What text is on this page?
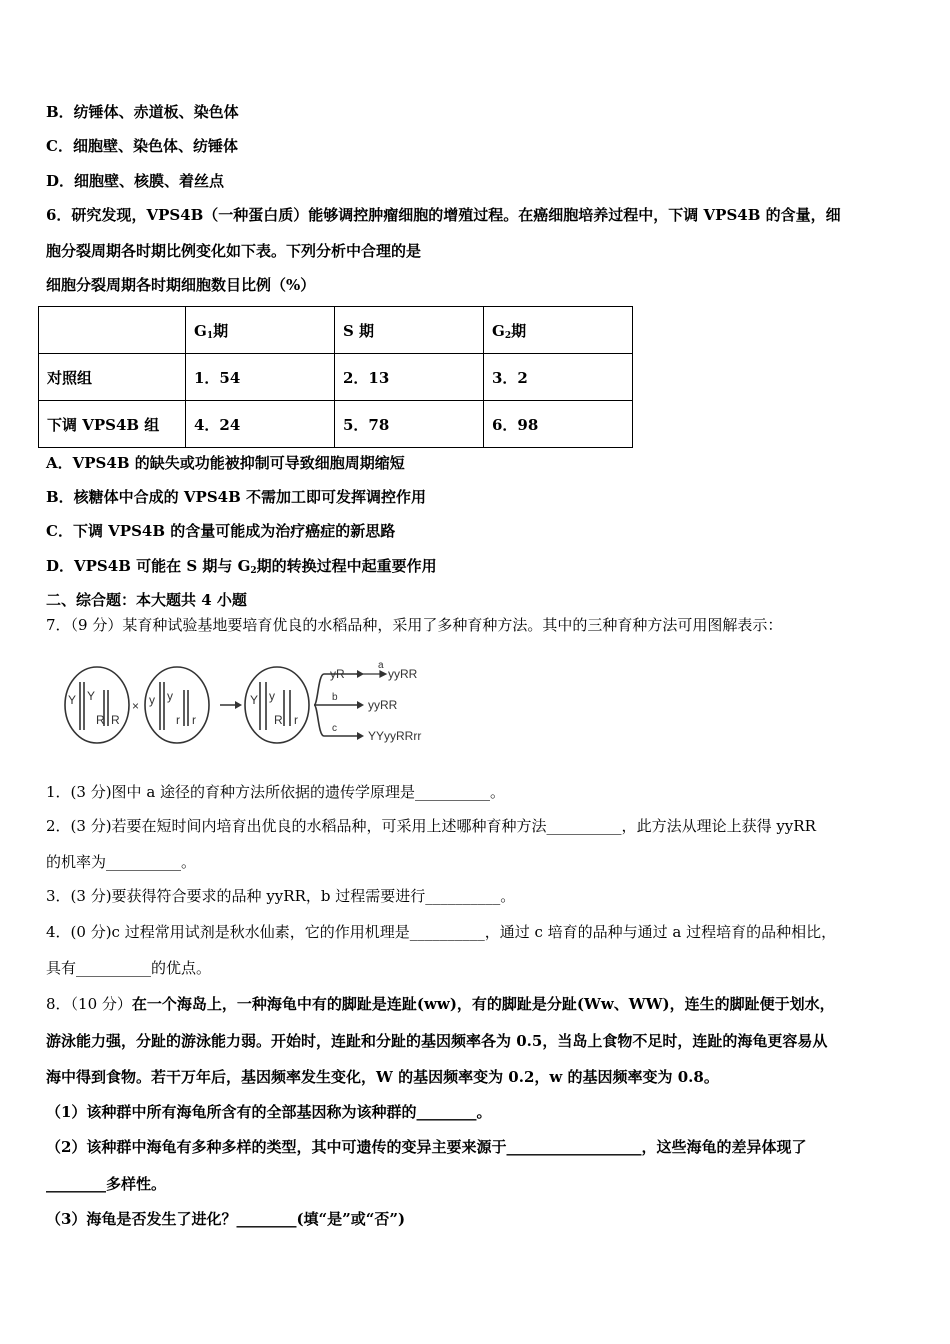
B．纺锤体、赤道板、染色体
C．细胞壁、染色体、纺锤体
D．细胞壁、核膜、着丝点
6．研究发现，VPS4B（一种蛋白质）能够调控肿瘤细胞的增殖过程。在癌细胞培养过程中，下调 VPS4B 的含量，细
胞分裂周期各时期比例变化如下表。下列分析中合理的是
细胞分裂周期各时期细胞数目比例（%）
	$G_1$期	S 期	$G_2$期
对照组	1．54	2．13	3．2
下调 VPS4B 组	4．24	5．78	6．98
A．VPS4B 的缺失或功能被抑制可导致细胞周期缩短
B．核糖体中合成的 VPS4B 不需加工即可发挥调控作用
C．下调 VPS4B 的含量可能成为治疗癌症的新思路
D．VPS4B 可能在 S 期与 $G_2$期的转换过程中起重要作用
二、综合题：本大题共 4 小题
7．（9 分）某育种试验基地要培育优良的水稻品种，采用了多种育种方法。其中的三种育种方法可用图解表示：
Y Y
R R
× y y
r r
Y y
R r
yR
a
yyRR
b
yyRR
c
YYyyRRrr
1．(3 分)图中 a 途径的育种方法所依据的遗传学原理是__________。
2．(3 分)若要在短时间内培育出优良的水稻品种，可采用上述哪种育种方法__________，此方法从理论上获得 yyRR
的机率为__________。
3．(3 分)要获得符合要求的品种 yyRR，b 过程需要进行__________。
4．(0 分)c 过程常用试剂是秋水仙素，它的作用机理是__________，通过 c 培育的品种与通过 a 过程培育的品种相比，
具有__________的优点。
8．（10 分）在一个海岛上，一种海龟中有的脚趾是连趾(ww)，有的脚趾是分趾(Ww、WW)，连生的脚趾便于划水，
游泳能力强，分趾的游泳能力弱。开始时，连趾和分趾的基因频率各为 0.5，当岛上食物不足时，连趾的海龟更容易从
海中得到食物。若干万年后，基因频率发生变化，W 的基因频率变为 0.2，w 的基因频率变为 0.8。
（1）该种群中所有海龟所含有的全部基因称为该种群的________。
（2）该种群中海龟有多种多样的类型，其中可遗传的变异主要来源于__________________，这些海龟的差异体现了
________多样性。
（3）海龟是否发生了进化？________(填“是”或“否”)
